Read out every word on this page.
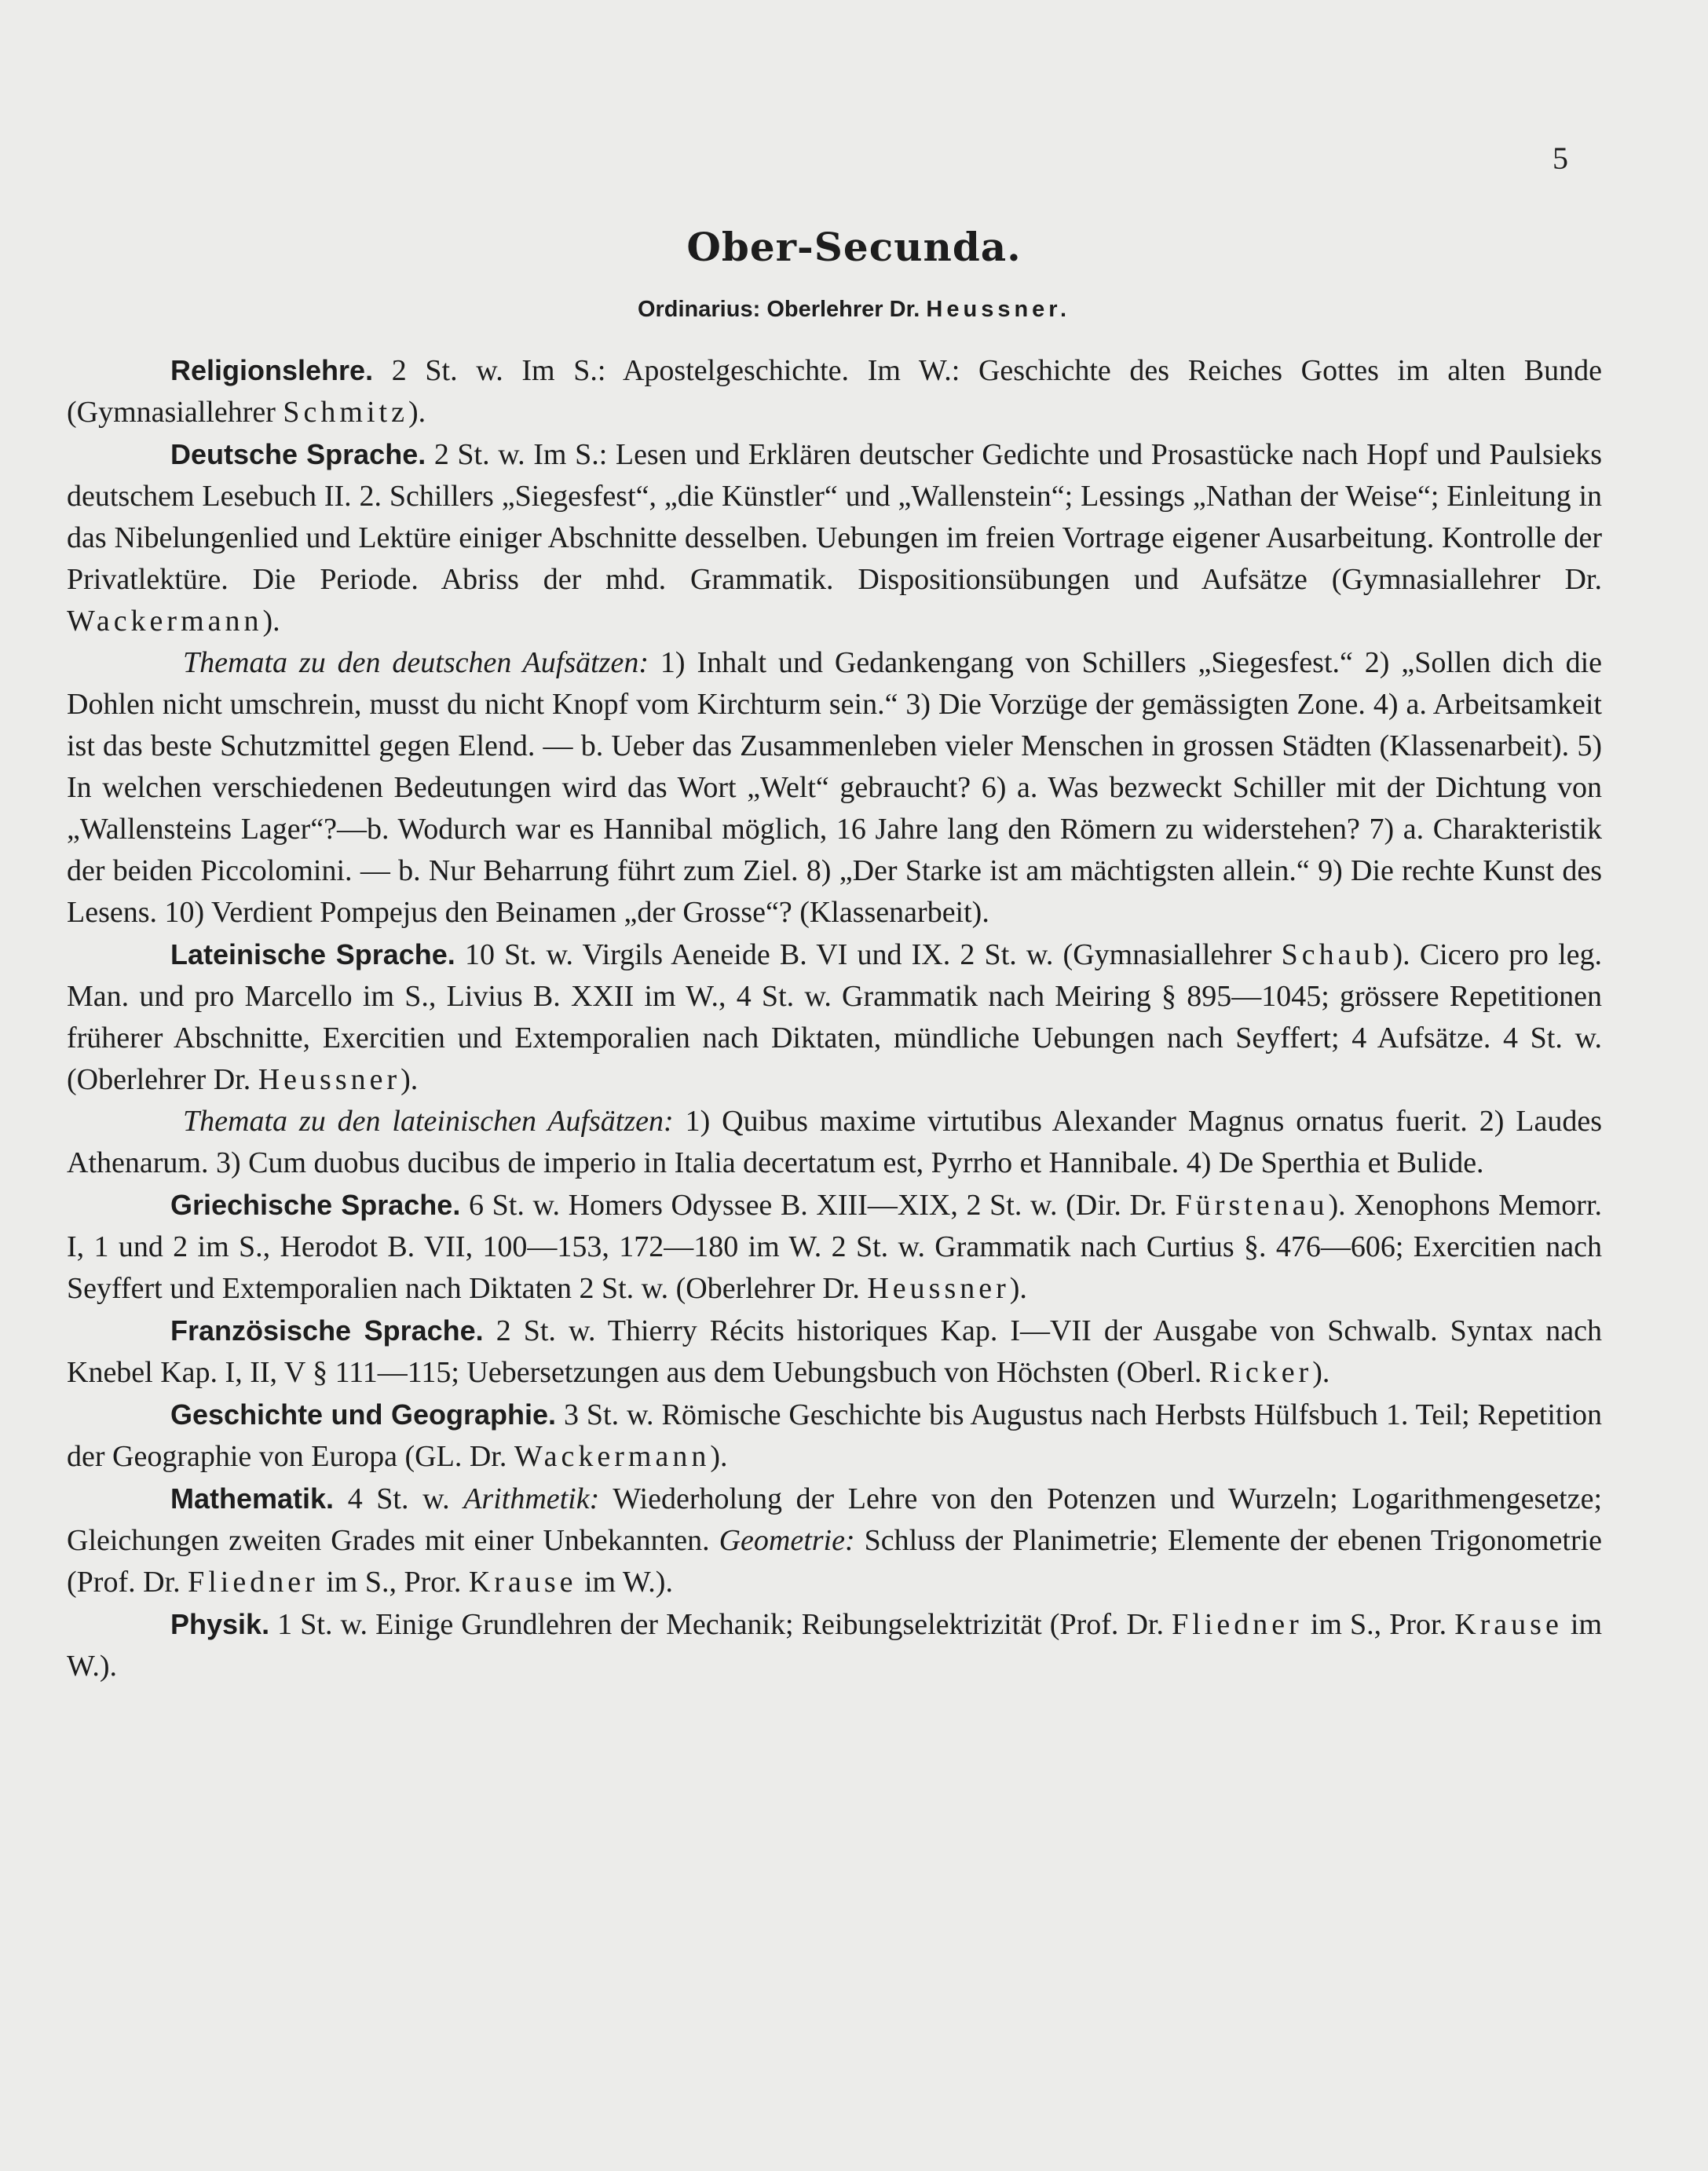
5
Ober-Secunda.
Ordinarius: Oberlehrer Dr. Heussner.

Religionslehre. 2 St. w. Im S.: Apostelgeschichte. Im W.: Geschichte des Reiches Gottes im alten Bunde (Gymnasiallehrer Schmitz).

Deutsche Sprache. 2 St. w. Im S.: Lesen und Erklären deutscher Gedichte und Prosastücke nach Hopf und Paulsieks deutschem Lesebuch II. 2. Schillers „Siegesfest“, „die Künstler“ und „Wallenstein“; Lessings „Nathan der Weise“; Einleitung in das Nibelungenlied und Lektüre einiger Abschnitte desselben. Uebungen im freien Vortrage eigener Ausarbeitung. Kontrolle der Privatlektüre. Die Periode. Abriss der mhd. Grammatik. Dispositionsübungen und Aufsätze (Gymnasiallehrer Dr. Wackermann).

Themata zu den deutschen Aufsätzen: 1) Inhalt und Gedankengang von Schillers „Siegesfest.“ 2) „Sollen dich die Dohlen nicht umschrein, musst du nicht Knopf vom Kirchturm sein.“ 3) Die Vorzüge der gemässigten Zone. 4) a. Arbeitsamkeit ist das beste Schutzmittel gegen Elend. — b. Ueber das Zusammenleben vieler Menschen in grossen Städten (Klassenarbeit). 5) In welchen verschiedenen Bedeutungen wird das Wort „Welt“ gebraucht? 6) a. Was bezweckt Schiller mit der Dichtung von „Wallensteins Lager“?—b. Wodurch war es Hannibal möglich, 16 Jahre lang den Römern zu widerstehen? 7) a. Charakteristik der beiden Piccolomini. — b. Nur Beharrung führt zum Ziel. 8) „Der Starke ist am mächtigsten allein.“ 9) Die rechte Kunst des Lesens. 10) Verdient Pompejus den Beinamen „der Grosse“? (Klassenarbeit).

Lateinische Sprache. 10 St. w. Virgils Aeneide B. VI und IX. 2 St. w. (Gymnasiallehrer Schaub). Cicero pro leg. Man. und pro Marcello im S., Livius B. XXII im W., 4 St. w. Grammatik nach Meiring § 895—1045; grössere Repetitionen früherer Abschnitte, Exercitien und Extemporalien nach Diktaten, mündliche Uebungen nach Seyffert; 4 Aufsätze. 4 St. w. (Oberlehrer Dr. Heussner).

Themata zu den lateinischen Aufsätzen: 1) Quibus maxime virtutibus Alexander Magnus ornatus fuerit. 2) Laudes Athenarum. 3) Cum duobus ducibus de imperio in Italia decertatum est, Pyrrho et Hannibale. 4) De Sperthia et Bulide.

Griechische Sprache. 6 St. w. Homers Odyssee B. XIII—XIX, 2 St. w. (Dir. Dr. Fürstenau). Xenophons Memorr. I, 1 und 2 im S., Herodot B. VII, 100—153, 172—180 im W. 2 St. w. Grammatik nach Curtius §. 476—606; Exercitien nach Seyffert und Extemporalien nach Diktaten 2 St. w. (Oberlehrer Dr. Heussner).

Französische Sprache. 2 St. w. Thierry Récits historiques Kap. I—VII der Ausgabe von Schwalb. Syntax nach Knebel Kap. I, II, V § 111—115; Uebersetzungen aus dem Uebungsbuch von Höchsten (Oberl. Ricker).

Geschichte und Geographie. 3 St. w. Römische Geschichte bis Augustus nach Herbsts Hülfsbuch 1. Teil; Repetition der Geographie von Europa (GL. Dr. Wackermann).

Mathematik. 4 St. w. Arithmetik: Wiederholung der Lehre von den Potenzen und Wurzeln; Logarithmengesetze; Gleichungen zweiten Grades mit einer Unbekannten. Geometrie: Schluss der Planimetrie; Elemente der ebenen Trigonometrie (Prof. Dr. Fliedner im S., Pror. Krause im W.).

Physik. 1 St. w. Einige Grundlehren der Mechanik; Reibungselektrizität (Prof. Dr. Fliedner im S., Pror. Krause im W.).
